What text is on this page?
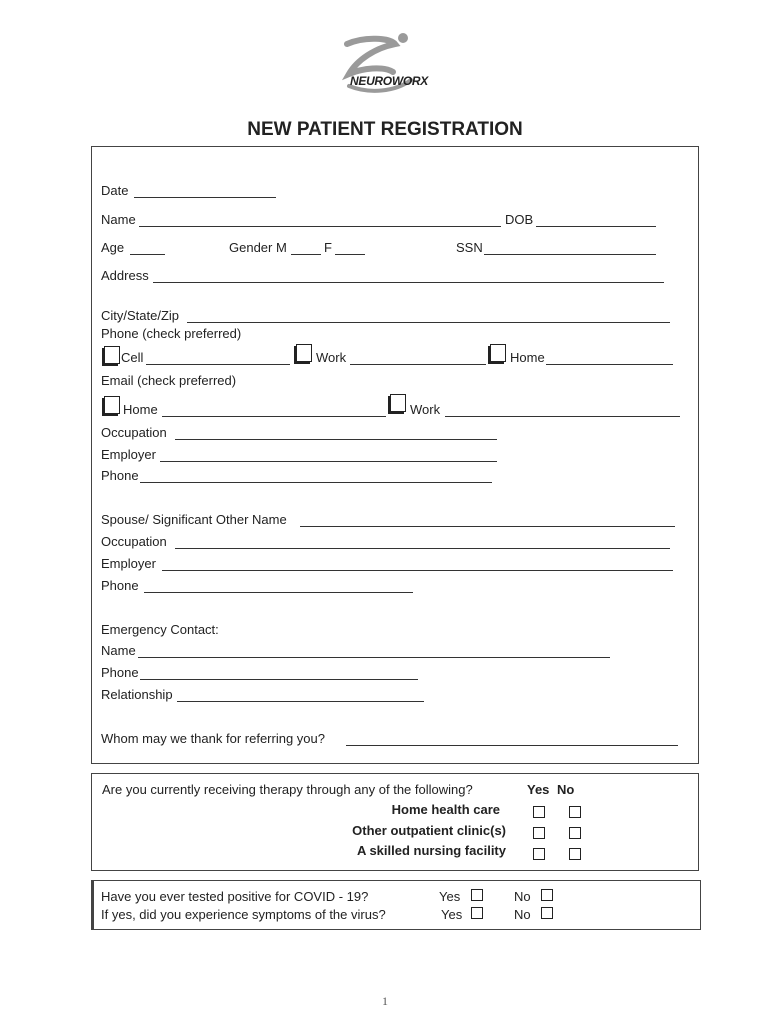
NEUROWORX
NEW PATIENT REGISTRATION
Date
Name	DOB
Age	Gender M	F	SSN
Address
City/State/Zip
Phone (check preferred)
Cell	Work	Home
Email (check preferred)
Home	Work
Occupation
Employer
Phone
Spouse/ Significant Other Name
Occupation
Employer
Phone
Emergency Contact:
Name
Phone
Relationship
Whom may we thank for referring you?
Are you currently receiving therapy through any of the following?	Yes No
Home health care
Other outpatient clinic(s)
A skilled nursing facility
Have you ever tested positive for COVID - 19?	Yes	No
If yes, did you experience symptoms of the virus?	Yes	No
1
